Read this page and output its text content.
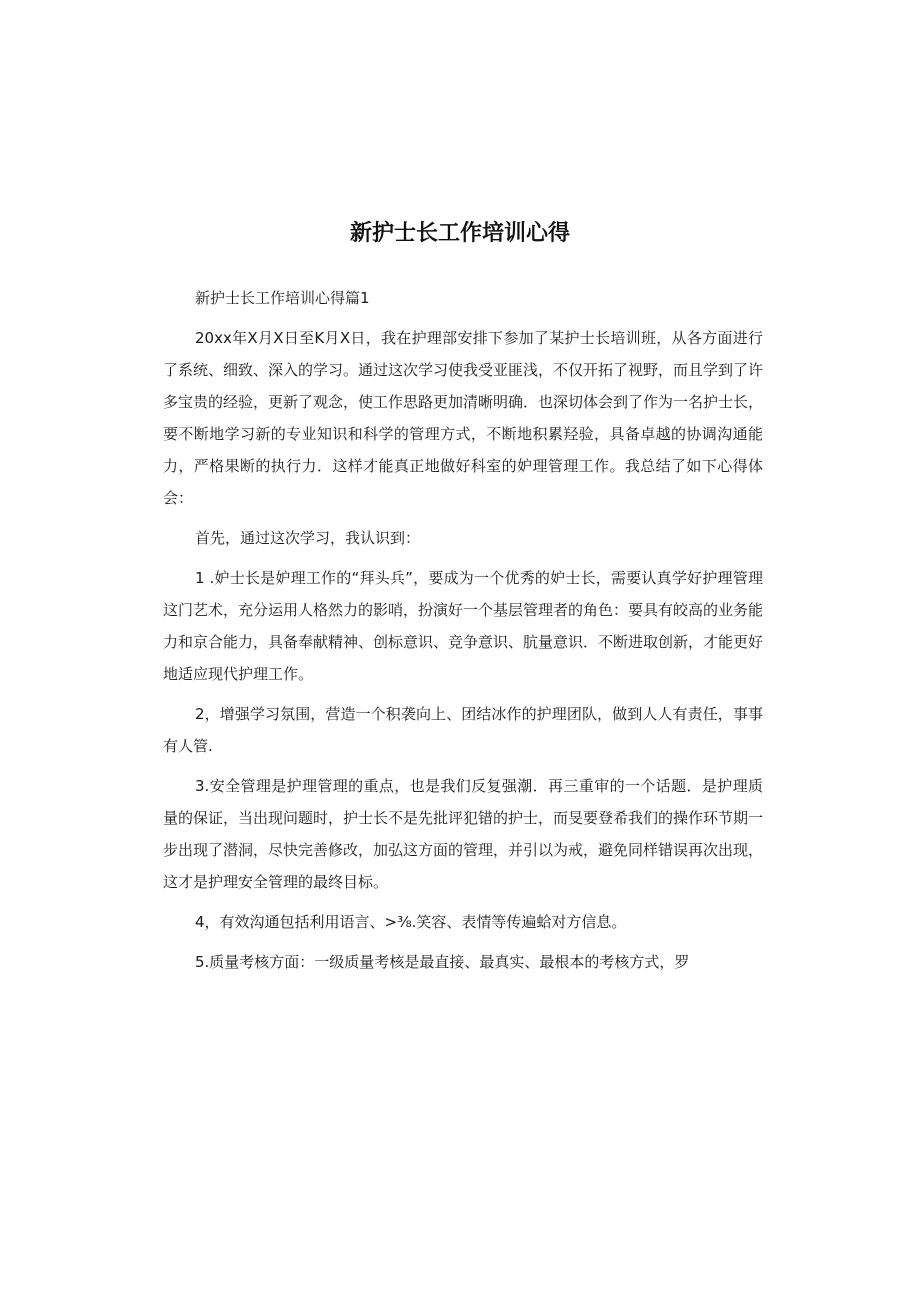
新护士长工作培训心得

新护士长工作培训心得篇1

20xx年X月X日至K月X日，我在护理部安排下参加了某护士长培训班，从各方面进行了系统、细致、深入的学习。通过这次学习使我受亚匪浅，不仅开拓了视野，而且学到了许多宝贵的经验，更新了观念，使工作思路更加清晰明确．也深切体会到了作为一名护士长，要不断地学习新的专业知识和科学的管理方式，不断地积累羟验，具备卓越的协调沟通能力，严格果断的执行力．这样才能真正地做好科室的妒理管理工作。我总结了如下心得体会：

首先，通过这次学习，我认识到：

1 .妒士长是妒理工作的“拜头兵”，要成为一个优秀的妒士长，需要认真学好护理管理这门艺术，充分运用人格然力的影哨，扮演好一个基层管理者的角色：要具有皎高的业务能力和京合能力，具备奉献精神、创标意识、竞争意识、肮量意识．不断进取创新，才能更好地适应现代护理工作。

2，增强学习氛围，营造一个积袭向上、团结冰作的护理团队，做到人人有责任，事事有人管.

3.安全管理是护理管理的重点，也是我们反复强潮．再三重审的一个话题．是护理质量的保证，当出现问题时，护士长不是先批评犯错的护士，而旻要登希我们的操作环节期一步出现了潜洞，尽快完善修改，加弘这方面的管理，并引以为戒，避免同样错误再次出现，这才是护理安全管理的最终目标。

4，有效沟通包括利用语言、>⅜.笑容、表情等传遍蛤对方信息。

5.质量考核方面：一级质量考核是最直接、最真实、最根本的考核方式，罗
